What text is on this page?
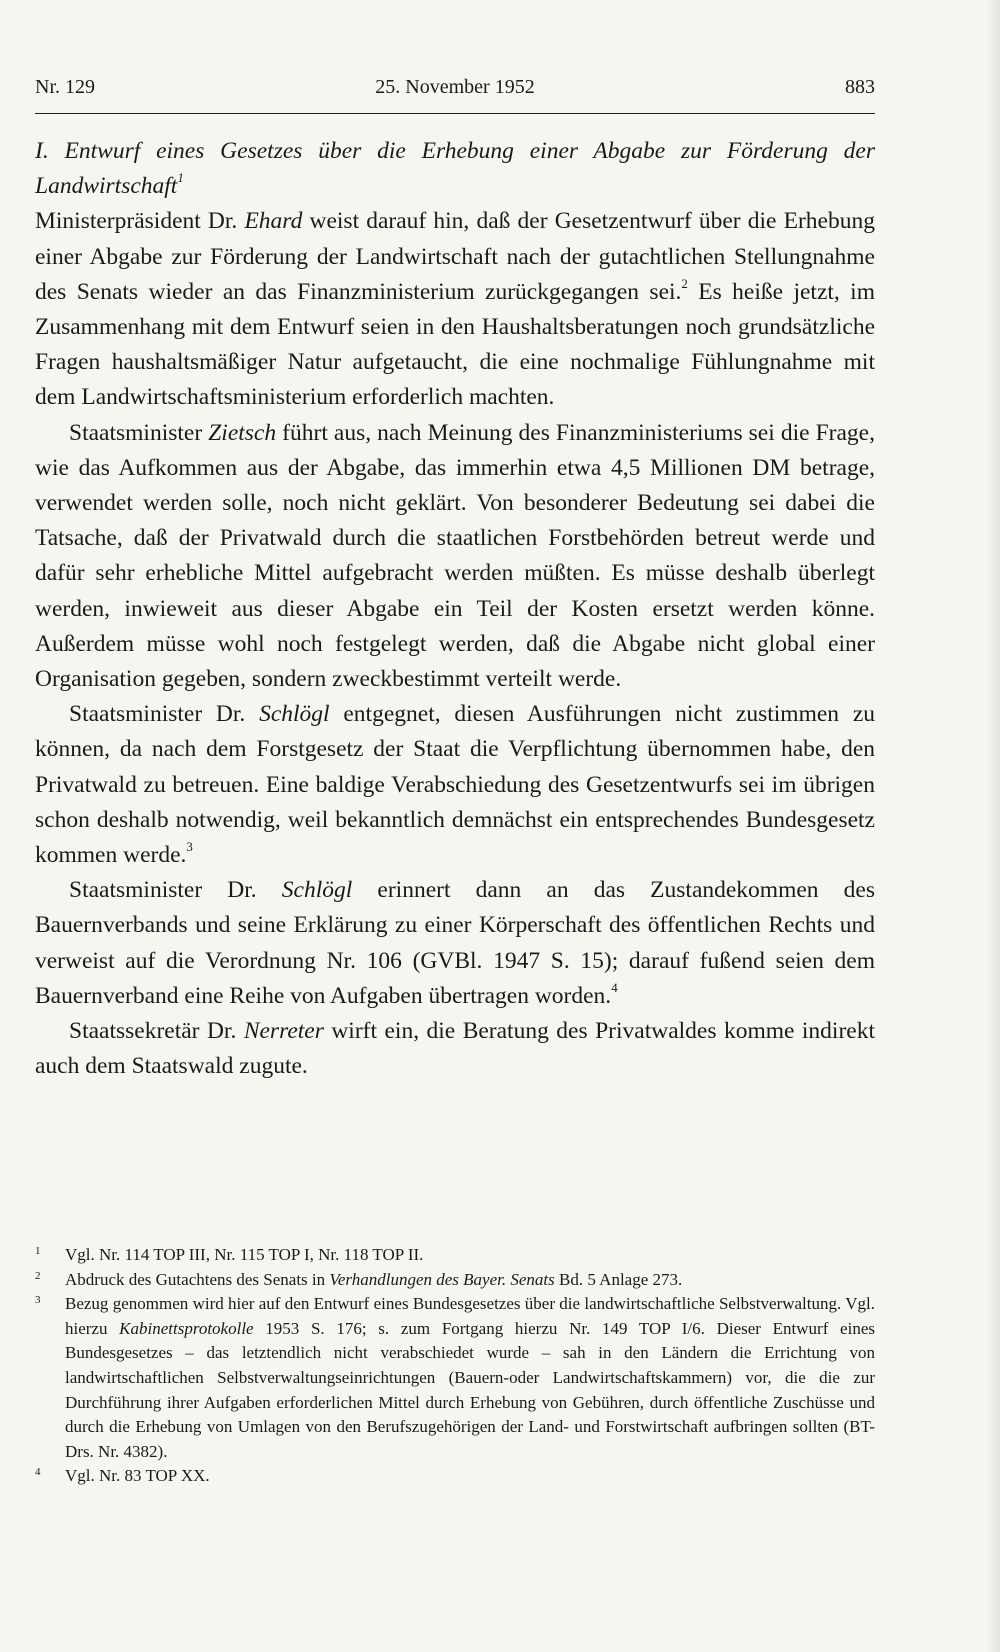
Nr. 129	25. November 1952	883

I. Entwurf eines Gesetzes über die Erhebung einer Abgabe zur Förderung der Landwirtschaft$^1$

Ministerpräsident Dr. Ehard weist darauf hin, daß der Gesetzentwurf über die Erhebung einer Abgabe zur Förderung der Landwirtschaft nach der gutachtlichen Stellungnahme des Senats wieder an das Finanzministerium zurückgegangen sei.$^2$ Es heiße jetzt, im Zusammenhang mit dem Entwurf seien in den Haushaltsberatungen noch grundsätzliche Fragen haushaltsmäßiger Natur aufgetaucht, die eine nochmalige Fühlungnahme mit dem Landwirtschaftsministerium erforderlich machten.

Staatsminister Zietsch führt aus, nach Meinung des Finanzministeriums sei die Frage, wie das Aufkommen aus der Abgabe, das immerhin etwa 4,5 Millionen DM betrage, verwendet werden solle, noch nicht geklärt. Von besonderer Bedeutung sei dabei die Tatsache, daß der Privatwald durch die staatlichen Forstbehörden betreut werde und dafür sehr erhebliche Mittel aufgebracht werden müßten. Es müsse deshalb überlegt werden, inwieweit aus dieser Abgabe ein Teil der Kosten ersetzt werden könne. Außerdem müsse wohl noch festgelegt werden, daß die Abgabe nicht global einer Organisation gegeben, sondern zweckbestimmt verteilt werde.

Staatsminister Dr. Schlögl entgegnet, diesen Ausführungen nicht zustimmen zu können, da nach dem Forstgesetz der Staat die Verpflichtung übernommen habe, den Privatwald zu betreuen. Eine baldige Verabschiedung des Gesetzentwurfs sei im übrigen schon deshalb notwendig, weil bekanntlich demnächst ein entsprechendes Bundesgesetz kommen werde.$^3$

Staatsminister Dr. Schlögl erinnert dann an das Zustandekommen des Bauernverbands und seine Erklärung zu einer Körperschaft des öffentlichen Rechts und verweist auf die Verordnung Nr. 106 (GVBl. 1947 S. 15); darauf fußend seien dem Bauernverband eine Reihe von Aufgaben übertragen worden.$^4$

Staatssekretär Dr. Nerreter wirft ein, die Beratung des Privatwaldes komme indirekt auch dem Staatswald zugute.

1 Vgl. Nr. 114 TOP III, Nr. 115 TOP I, Nr. 118 TOP II.

2 Abdruck des Gutachtens des Senats in Verhandlungen des Bayer. Senats Bd. 5 Anlage 273.

3 Bezug genommen wird hier auf den Entwurf eines Bundesgesetzes über die landwirtschaftliche Selbstverwaltung. Vgl. hierzu Kabinettsprotokolle 1953 S. 176; s. zum Fortgang hierzu Nr. 149 TOP I/6. Dieser Entwurf eines Bundesgesetzes – das letztendlich nicht verabschiedet wurde – sah in den Ländern die Errichtung von landwirtschaftlichen Selbstverwaltungseinrichtungen (Bauern-oder Landwirtschaftskammern) vor, die die zur Durchführung ihrer Aufgaben erforderlichen Mittel durch Erhebung von Gebühren, durch öffentliche Zuschüsse und durch die Erhebung von Umlagen von den Berufszugehörigen der Land- und Forstwirtschaft aufbringen sollten (BT-Drs. Nr. 4382).

4 Vgl. Nr. 83 TOP XX.
